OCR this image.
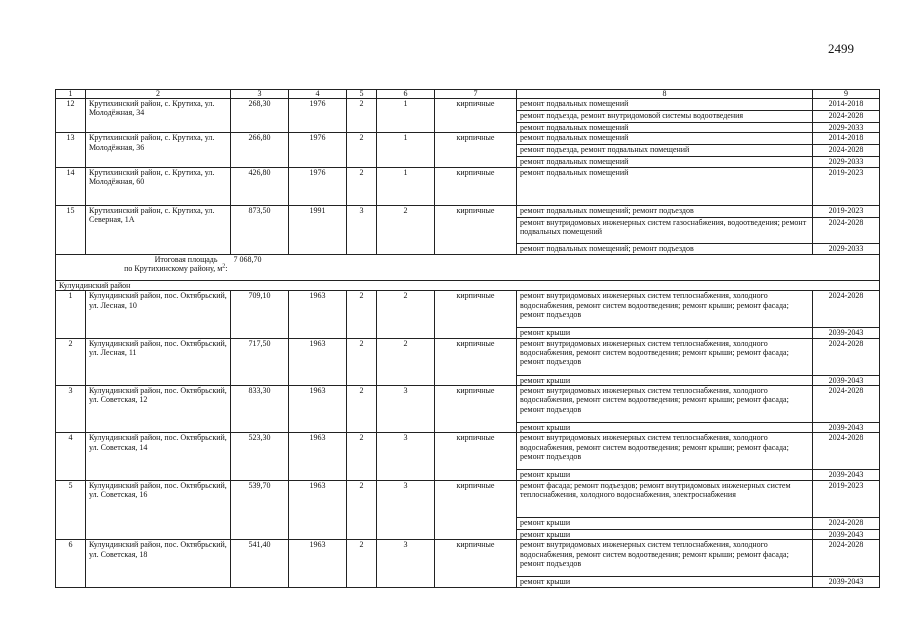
2499
1	2	3	4	5	6	7	8	9
12	Крутихинский район, с. Крутиха, ул. Молодёжная, 34	268,30	1976	2	1	кирпичные	ремонт подвальных помещений	2014-2018
							ремонт подъезда, ремонт внутридомовой системы водоотведения	2024-2028
							ремонт подвальных помещений	2029-2033
13	Крутихинский район, с. Крутиха, ул. Молодёжная, 36	266,80	1976	2	1	кирпичные	ремонт подвальных помещений	2014-2018
							ремонт подъезда, ремонт подвальных помещений	2024-2028
							ремонт подвальных помещений	2029-2033
14	Крутихинский район, с. Крутиха, ул. Молодёжная, 60	426,80	1976	2	1	кирпичные	ремонт подвальных помещений	2019-2023
15	Крутихинский район, с. Крутиха, ул. Северная, 1А	873,50	1991	3	2	кирпичные	ремонт подвальных помещений; ремонт подъездов	2019-2023
							ремонт внутридомовых инженерных систем газоснабжения, водоотведения; ремонт подвальных помещений	2024-2028
							ремонт подвальных помещений; ремонт подъездов	2029-2033

Итоговая площадь
по Крутихинскому району, $м^2$:		7 068,70						
Кулундинский район								
1	Кулундинский район, пос. Октябрьский, ул. Лесная, 10	709,10	1963	2	2	кирпичные	ремонт внутридомовых инженерных систем теплоснабжения, холодного водоснабжения, ремонт систем водоотведения; ремонт крыши; ремонт фасада; ремонт подъездов	2024-2028
							ремонт крыши	2039-2043
2	Кулундинский район, пос. Октябрьский, ул. Лесная, 11	717,50	1963	2	2	кирпичные	ремонт внутридомовых инженерных систем теплоснабжения, холодного водоснабжения, ремонт систем водоотведения; ремонт крыши; ремонт фасада; ремонт подъездов	2024-2028
							ремонт крыши	2039-2043
3	Кулундинский район, пос. Октябрьский, ул. Советская, 12	833,30	1963	2	3	кирпичные	ремонт внутридомовых инженерных систем теплоснабжения, холодного водоснабжения, ремонт систем водоотведения; ремонт крыши; ремонт фасада; ремонт подъездов	2024-2028
							ремонт крыши	2039-2043
4	Кулундинский район, пос. Октябрьский, ул. Советская, 14	523,30	1963	2	3	кирпичные	ремонт внутридомовых инженерных систем теплоснабжения, холодного водоснабжения, ремонт систем водоотведения; ремонт крыши; ремонт фасада; ремонт подъездов	2024-2028
							ремонт крыши	2039-2043
5	Кулундинский район, пос. Октябрьский, ул. Советская, 16	539,70	1963	2	3	кирпичные	ремонт фасада; ремонт подъездов; ремонт внутридомовых инженерных систем теплоснабжения, холодного водоснабжения, электроснабжения	2019-2023
							ремонт крыши	2024-2028
							ремонт крыши	2039-2043
6	Кулундинский район, пос. Октябрьский, ул. Советская, 18	541,40	1963	2	3	кирпичные	ремонт внутридомовых инженерных систем теплоснабжения, холодного водоснабжения, ремонт систем водоотведения; ремонт крыши; ремонт фасада; ремонт подъездов	2024-2028
							ремонт крыши	2039-2043
